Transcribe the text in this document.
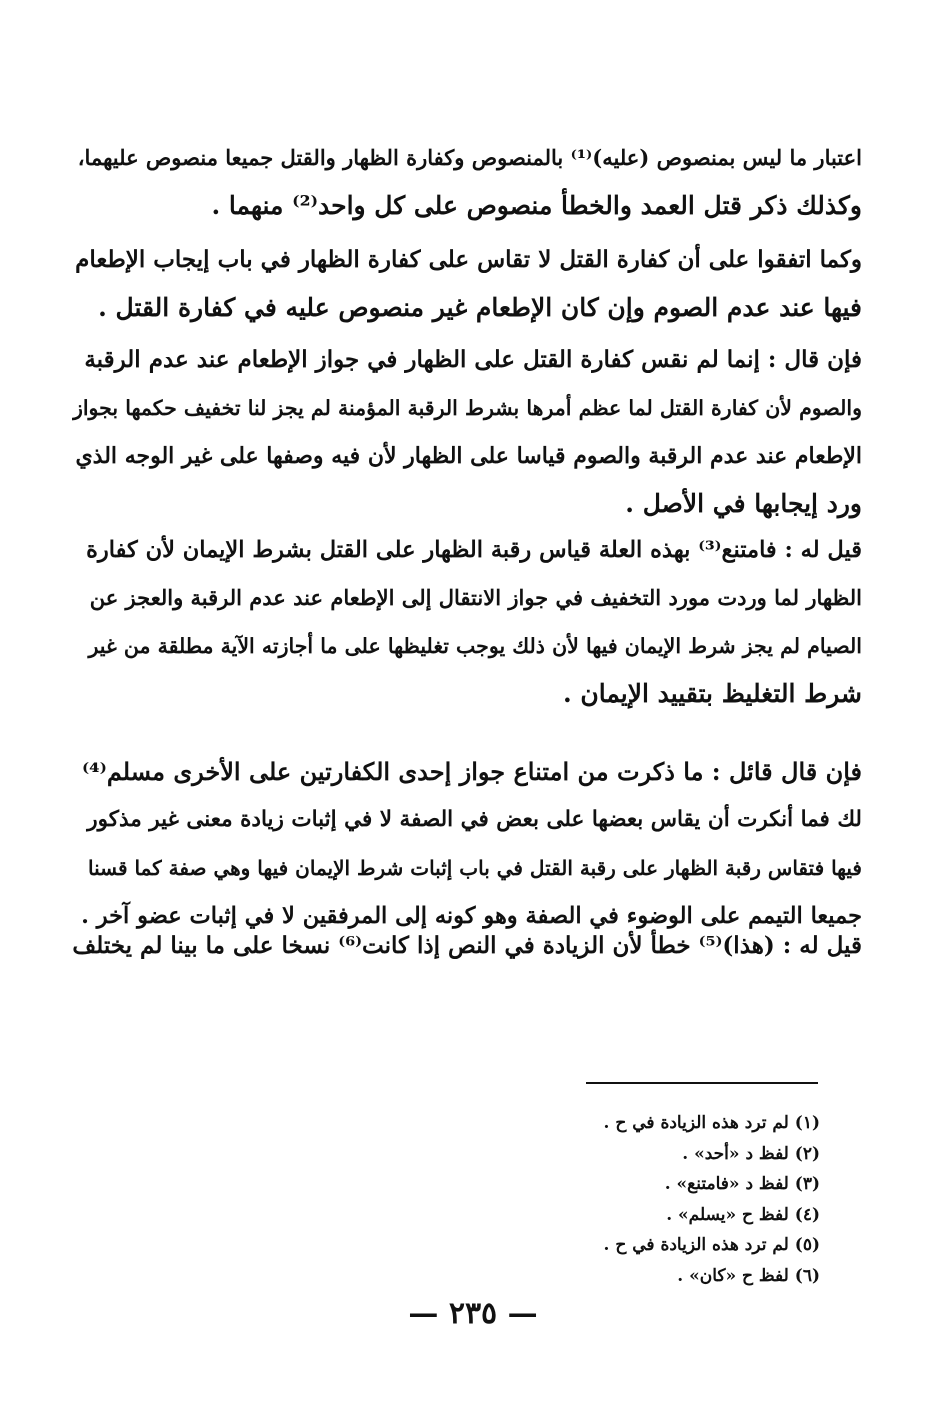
اعتبار ما ليس بمنصوص (عليه)⁽¹⁾ بالمنصوص وكفارة الظهار والقتل جميعا منصوص عليهما،
وكذلك ذكر قتل العمد والخطأ منصوص على كل واحد⁽²⁾ منهما .
وكما اتفقوا على أن كفارة القتل لا تقاس على كفارة الظهار في باب إيجاب الإطعام
فيها عند عدم الصوم وإن كان الإطعام غير منصوص عليه في كفارة القتل .
فإن قال : إنما لم نقس كفارة القتل على الظهار في جواز الإطعام عند عدم الرقبة
والصوم لأن كفارة القتل لما عظم أمرها بشرط الرقبة المؤمنة لم يجز لنا تخفيف حكمها بجواز
الإطعام عند عدم الرقبة والصوم قياسا على الظهار لأن فيه وصفها على غير الوجه الذي
ورد إيجابها في الأصل .
قيل له : فامتنع⁽³⁾ بهذه العلة قياس رقبة الظهار على القتل بشرط الإيمان لأن كفارة
الظهار لما وردت مورد التخفيف في جواز الانتقال إلى الإطعام عند عدم الرقبة والعجز عن
الصيام لم يجز شرط الإيمان فيها لأن ذلك يوجب تغليظها على ما أجازته الآية مطلقة من غير
شرط التغليظ بتقييد الإيمان .
فإن قال قائل : ما ذكرت من امتناع جواز إحدى الكفارتين على الأخرى مسلم⁽⁴⁾
لك فما أنكرت أن يقاس بعضها على بعض في الصفة لا في إثبات زيادة معنى غير مذكور
فيها فتقاس رقبة الظهار على رقبة القتل في باب إثبات شرط الإيمان فيها وهي صفة كما قسنا
جميعا التيمم على الوضوء في الصفة وهو كونه إلى المرفقين لا في إثبات عضو آخر .
قيل له : (هذا)⁽⁵⁾ خطأ لأن الزيادة في النص إذا كانت⁽⁶⁾ نسخا على ما بينا لم يختلف
(١) لم ترد هذه الزيادة في ح .
(٢) لفظ د «أحد» .
(٣) لفظ د «فامتنع» .
(٤) لفظ ح «يسلم» .
(٥) لم ترد هذه الزيادة في ح .
(٦) لفظ ح «كان» .
— ٢٣٥ —
